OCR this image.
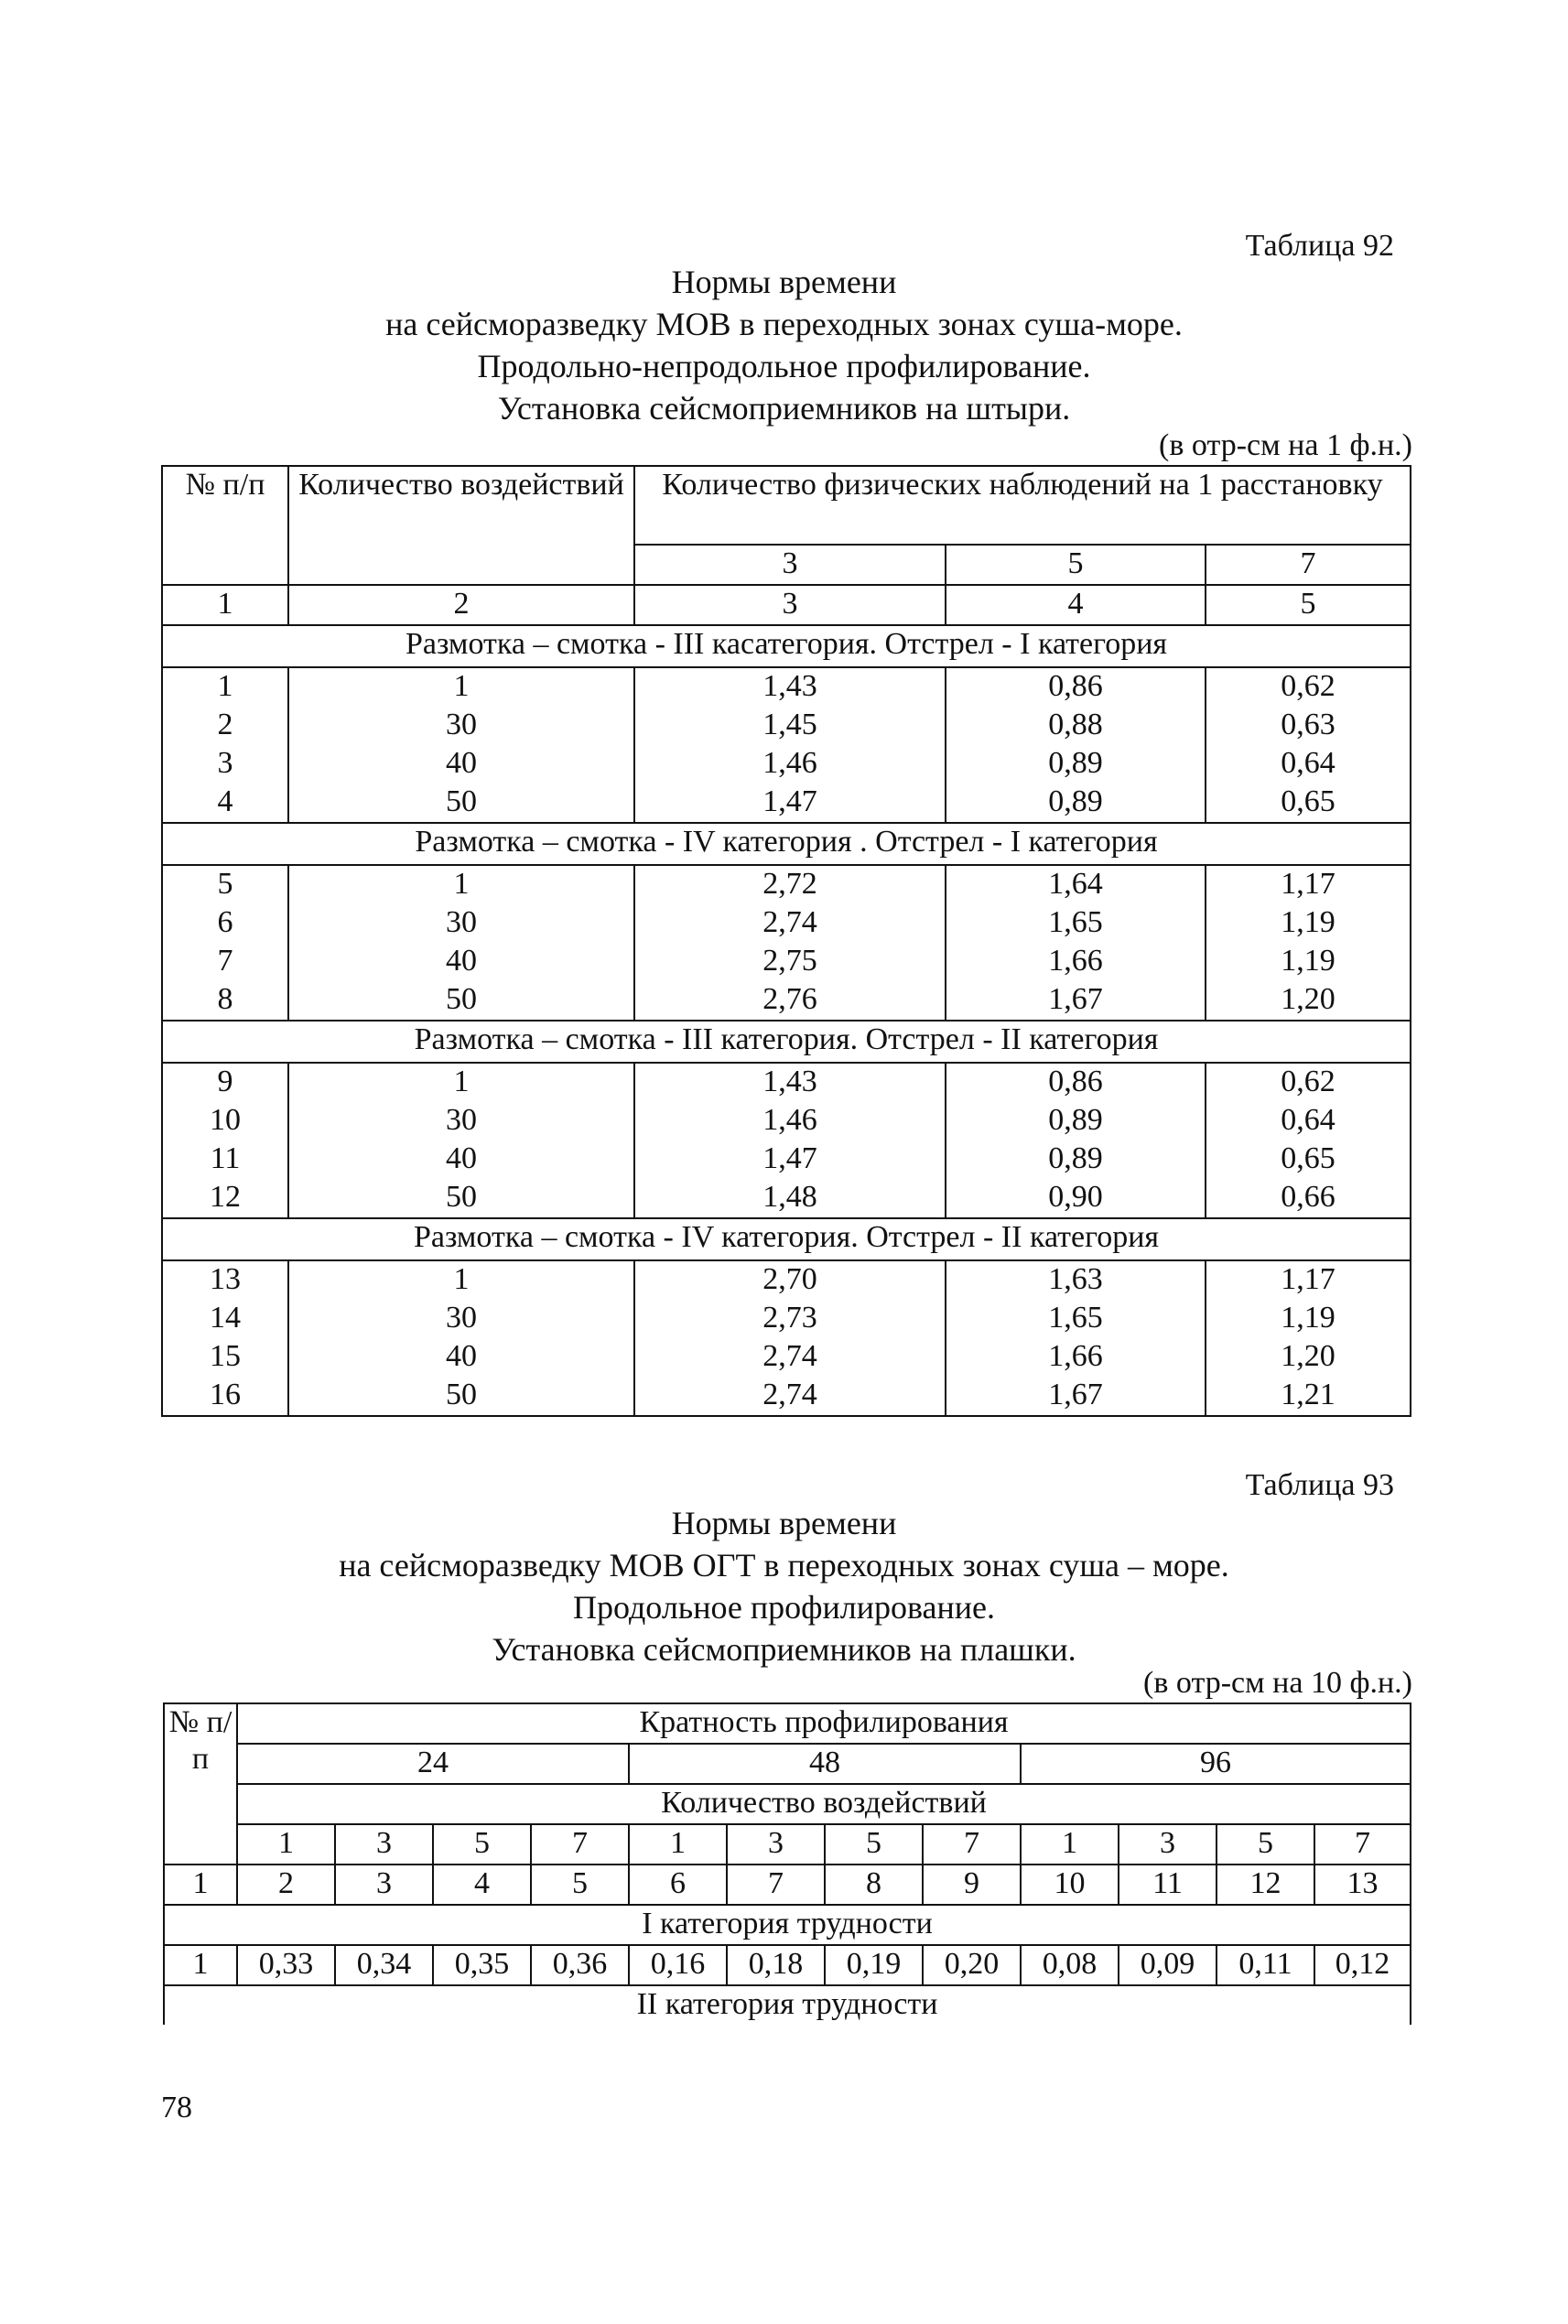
Таблица 92
Нормы времени
на сейсморазведку МОВ в переходных зонах суша-море.
Продольно-непродольное профилирование.
Установка сейсмоприемников на штыри.
(в отр-см на 1 ф.н.)
№ п/п	Количество воздействий	Количество физических наблюдений на 1 расстановку		
		3	5	7
1	2	3	4	5
Размотка – смотка - III касатегория. Отстрел - I категория				
1	1	1,43	0,86	0,62
2	30	1,45	0,88	0,63
3	40	1,46	0,89	0,64
4	50	1,47	0,89	0,65
Размотка – смотка - IV категория . Отстрел - I категория				
5	1	2,72	1,64	1,17
6	30	2,74	1,65	1,19
7	40	2,75	1,66	1,19
8	50	2,76	1,67	1,20
Размотка – смотка - III категория. Отстрел - II категория				
9	1	1,43	0,86	0,62
10	30	1,46	0,89	0,64
11	40	1,47	0,89	0,65
12	50	1,48	0,90	0,66
Размотка – смотка - IV категория. Отстрел - II категория				
13	1	2,70	1,63	1,17
14	30	2,73	1,65	1,19
15	40	2,74	1,66	1,20
16	50	2,74	1,67	1,21
Таблица 93
Нормы времени
на сейсморазведку МОВ ОГТ в переходных зонах суша – море.
Продольное профилирование.
Установка сейсмоприемников на плашки.
(в отр-см на 10 ф.н.)
№ п/п	Кратность профилирования											
	24				48				96			
	Количество воздействий											
	1	3	5	7	1	3	5	7	1	3	5	7
1	2	3	4	5	6	7	8	9	10	11	12	13
I категория трудности												
1	0,33	0,34	0,35	0,36	0,16	0,18	0,19	0,20	0,08	0,09	0,11	0,12
II категория трудности												
78
